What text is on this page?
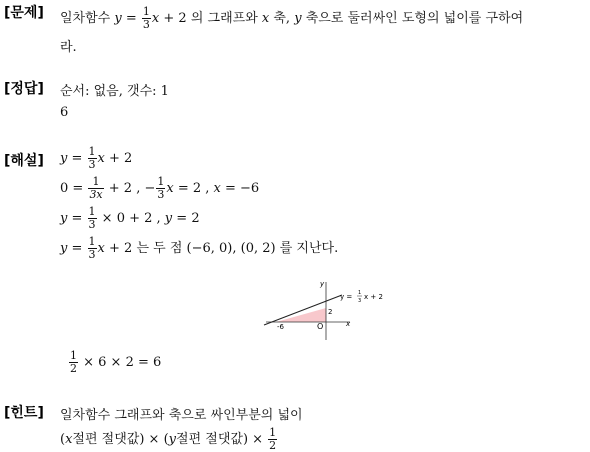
[문제] 일차함수 $y = \frac{1}{3}$ x + 2 의 그래프와 x 축, y 축으로 둘러싸인 도형의 넓이를 구하여
라.
[정답] 순서: 없음, 갯수: 1
6
[해설] $y = \frac{1}{3}$ x + 2
$0 = \frac{1}{3x} + 2$ , − $\frac{1}{3}$ x = 2 , x = −6
$y = \frac{1}{3} \times 0 + 2$ , y = 2
$y = \frac{1}{3}$ x + 2 는 두 점 (−6, 0), (0, 2) 를 지난다.
y
x
O
-6
2
y = 1
3 x + 2
$\frac{1}{2} \times 6 \times 2 = 6$
[힌트] 일차함수 그래프와 축으로 싸인부분의 넓이
(x절편 절댓값) × (y절편 절댓값) × $\frac{1}{2}$
